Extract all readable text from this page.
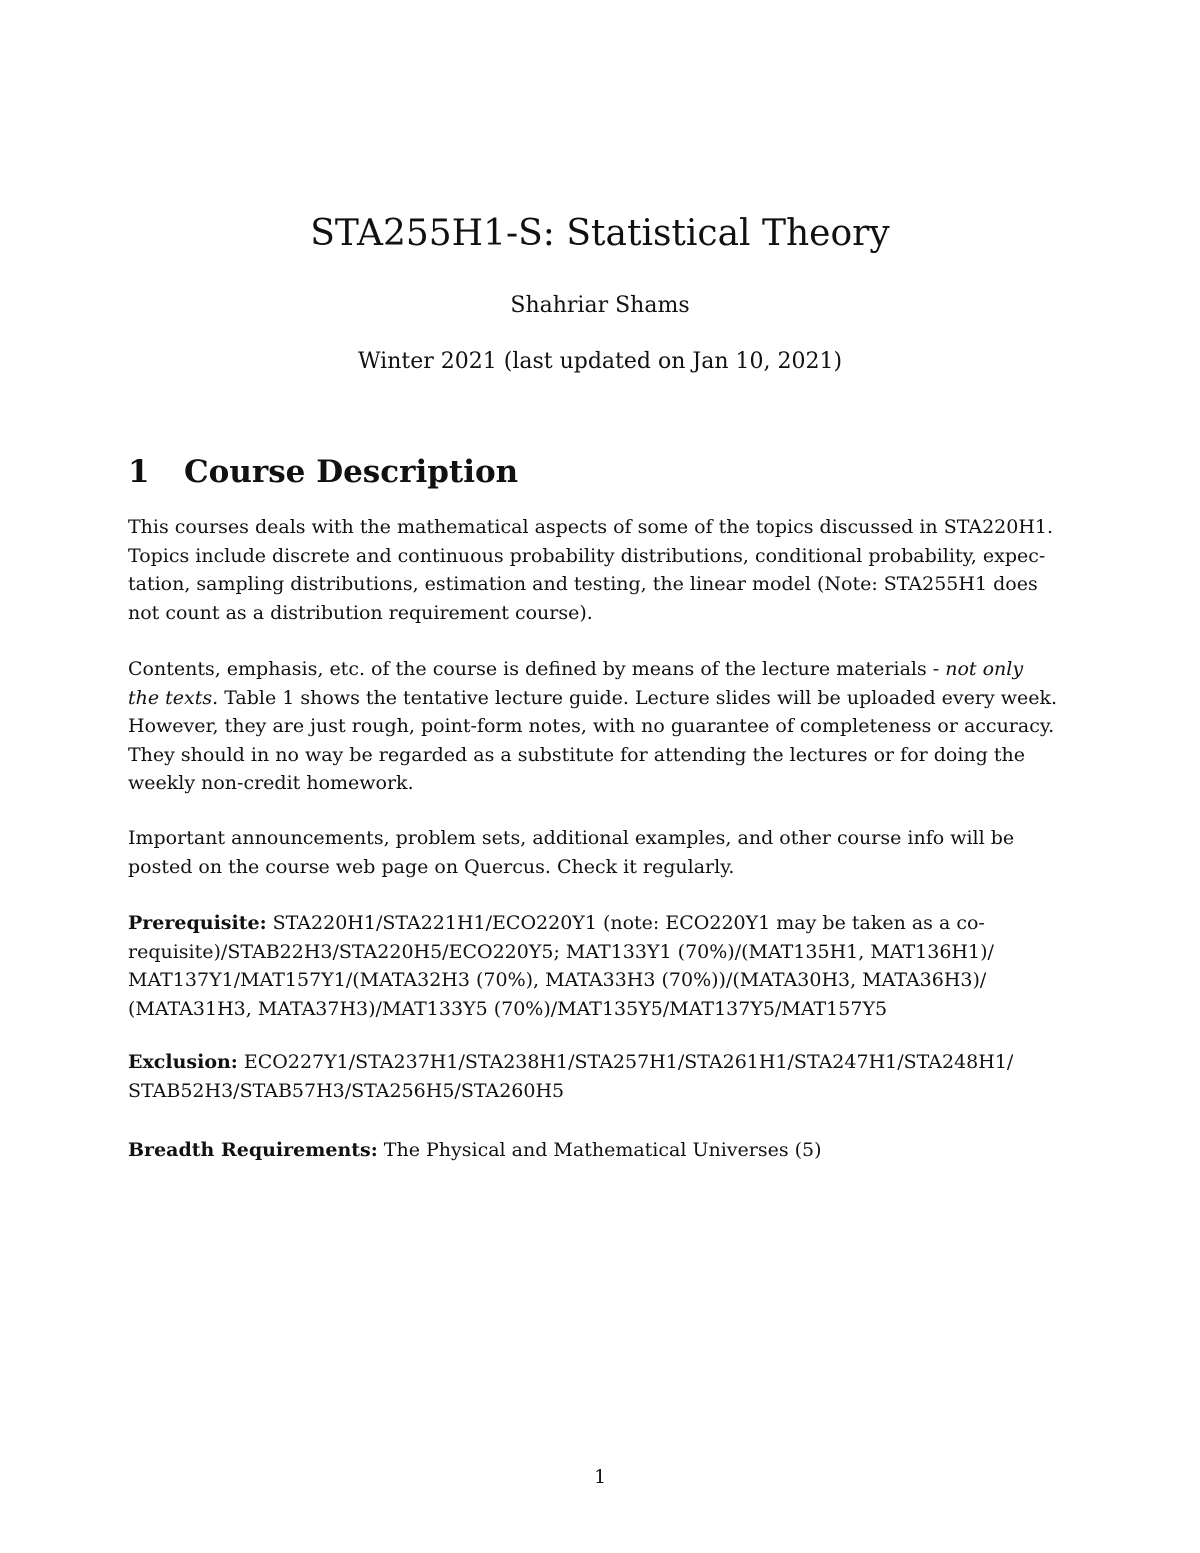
STA255H1-S: Statistical Theory
Shahriar Shams
Winter 2021 (last updated on Jan 10, 2021)
1 Course Description

This courses deals with the mathematical aspects of some of the topics discussed in STA220H1.
Topics include discrete and continuous probability distributions, conditional probability, expec-
tation, sampling distributions, estimation and testing, the linear model (Note: STA255H1 does
not count as a distribution requirement course).

Contents, emphasis, etc. of the course is defined by means of the lecture materials - not only
the texts. Table 1 shows the tentative lecture guide. Lecture slides will be uploaded every week.
However, they are just rough, point-form notes, with no guarantee of completeness or accuracy.
They should in no way be regarded as a substitute for attending the lectures or for doing the
weekly non-credit homework.

Important announcements, problem sets, additional examples, and other course info will be
posted on the course web page on Quercus. Check it regularly.

Prerequisite: STA220H1/STA221H1/ECO220Y1 (note: ECO220Y1 may be taken as a co-
requisite)/STAB22H3/STA220H5/ECO220Y5; MAT133Y1 (70%)/(MAT135H1, MAT136H1)/
MAT137Y1/MAT157Y1/(MATA32H3 (70%), MATA33H3 (70%))/(MATA30H3, MATA36H3)/
(MATA31H3, MATA37H3)/MAT133Y5 (70%)/MAT135Y5/MAT137Y5/MAT157Y5

Exclusion: ECO227Y1/STA237H1/STA238H1/STA257H1/STA261H1/STA247H1/STA248H1/
STAB52H3/STAB57H3/STA256H5/STA260H5

Breadth Requirements: The Physical and Mathematical Universes (5)

1
